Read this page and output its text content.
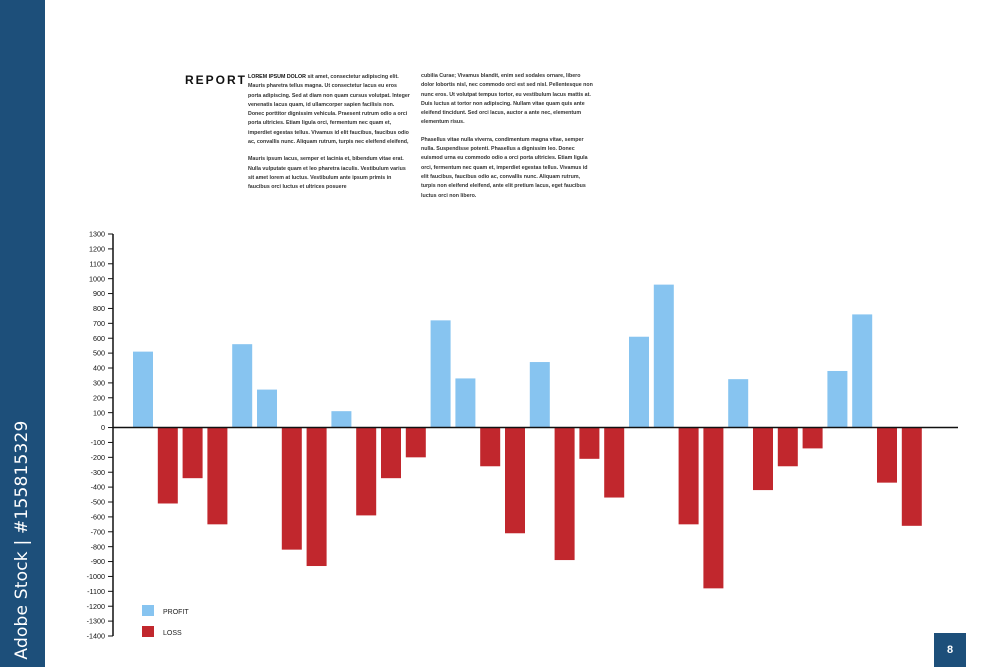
Adobe Stock | #155815329
REPORT LOREM IPSUM DOLOR sit amet, consectetur adipiscing elit. Mauris pharetra tellus magna. Ut consectetur lacus eu eros porta adipiscing. Sed at diam non quam cursus volutpat. Integer venenatis lacus quam, id ullamcorper sapien facilisis non. Donec porttitor dignissim vehicula. Praesent rutrum odio a orci porta ultricies. Etiam ligula orci, fermentum nec quam et, imperdiet egestas tellus. Vivamus id elit faucibus, faucibus odio ac, convallis nunc. Aliquam rutrum, turpis nec eleifend eleifend,

Mauris ipsum lacus, semper et lacinia et, bibendum vitae erat. Nulla vulputate quam et leo pharetra iaculis. Vestibulum varius sit amet lorem at luctus. Vestibulum ante ipsum primis in faucibus orci luctus et ultrices posuere

cubilia Curae; Vivamus blandit, enim sed sodales ornare, libero dolor lobortis nisl, nec commodo orci est sed nisl. Pellentesque non nunc eros. Ut volutpat tempus tortor, eu vestibulum lacus mattis at. Duis luctus at tortor non adipiscing. Nullam vitae quam quis ante eleifend tincidunt. Sed orci lacus, auctor a ante nec, elementum elementum risus.

Phasellus vitae nulla viverra, condimentum magna vitae, semper nulla. Suspendisse potenti. Phasellus a dignissim leo. Donec euismod urna eu commodo odio a orci porta ultricies. Etiam ligula orci, fermentum nec quam et, imperdiet egestas tellus. Vivamus id elit faucibus, faucibus odio ac, convallis nunc. Aliquam rutrum, turpis non eleifend eleifend, ante elit pretium lacus, eget faucibus luctus orci non libero.

1300
1200
1100
1000
900
800
700
600
500
400
300
200
100
0
-100
-200
-300
-400
-500
-600
-700
-800
-900
-1000
-1100
-1200
-1300
-1400
PROFIT
LOSS
8
